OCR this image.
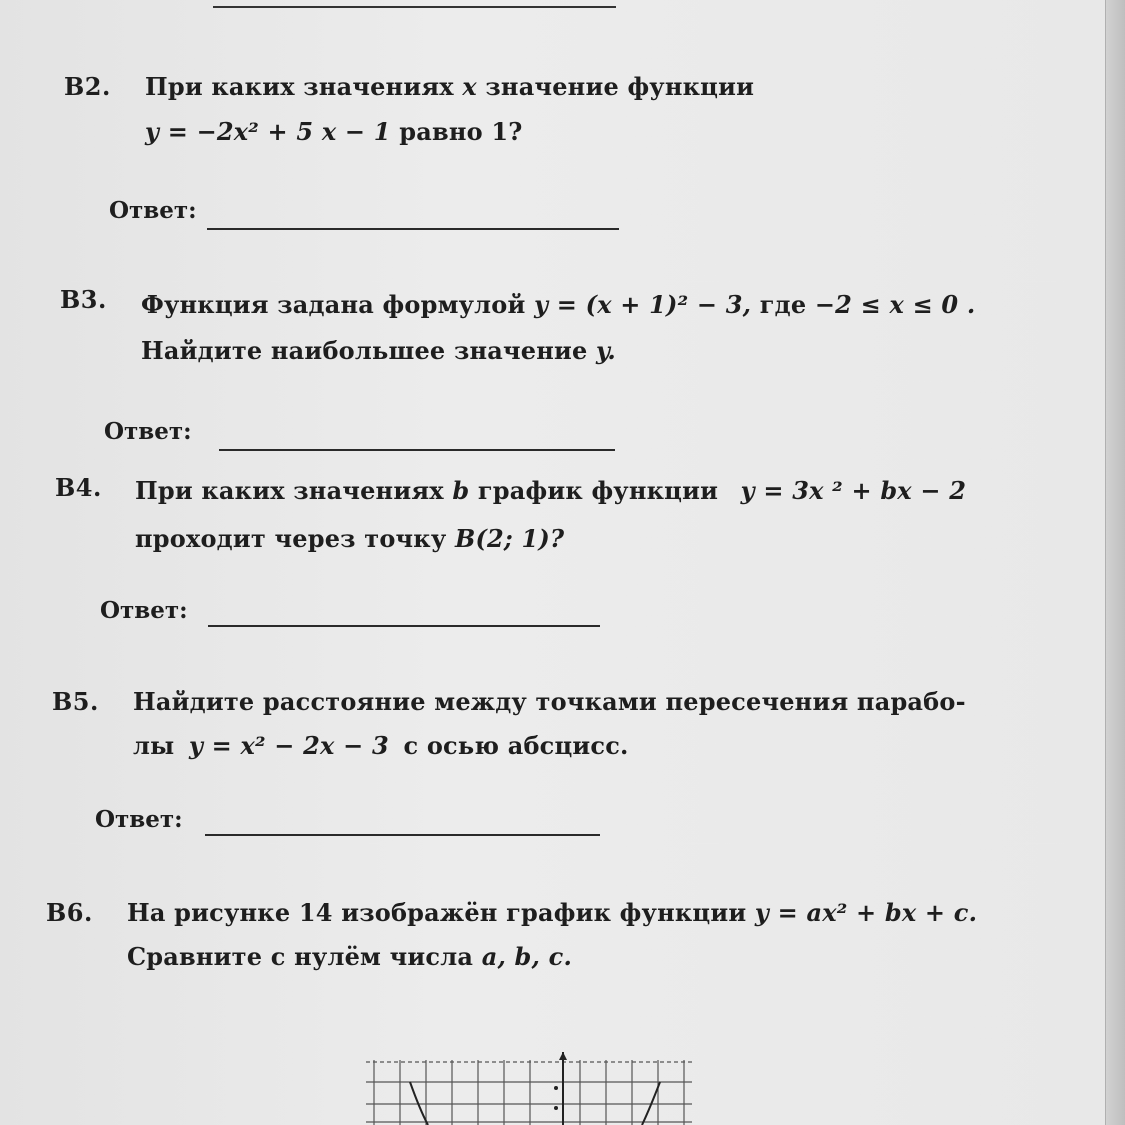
В2. При каких значениях x значение функции
y = −2x² + 5 x − 1 равно 1?
Ответ:
В3. Функция задана формулой y = (x + 1)² − 3, где −2 ≤ x ≤ 0 .
Найдите наибольшее значение y.
Ответ:
В4. При каких значениях b график функции y = 3x ² + bx − 2
проходит через точку B(2; 1)?
Ответ:
В5. Найдите расстояние между точками пересечения парабо-
лы y = x² − 2x − 3 с осью абсцисс.
Ответ:
В6. На рисунке 14 изображён график функции y = ax² + bx + c.
Сравните с нулём числа a, b, c.
